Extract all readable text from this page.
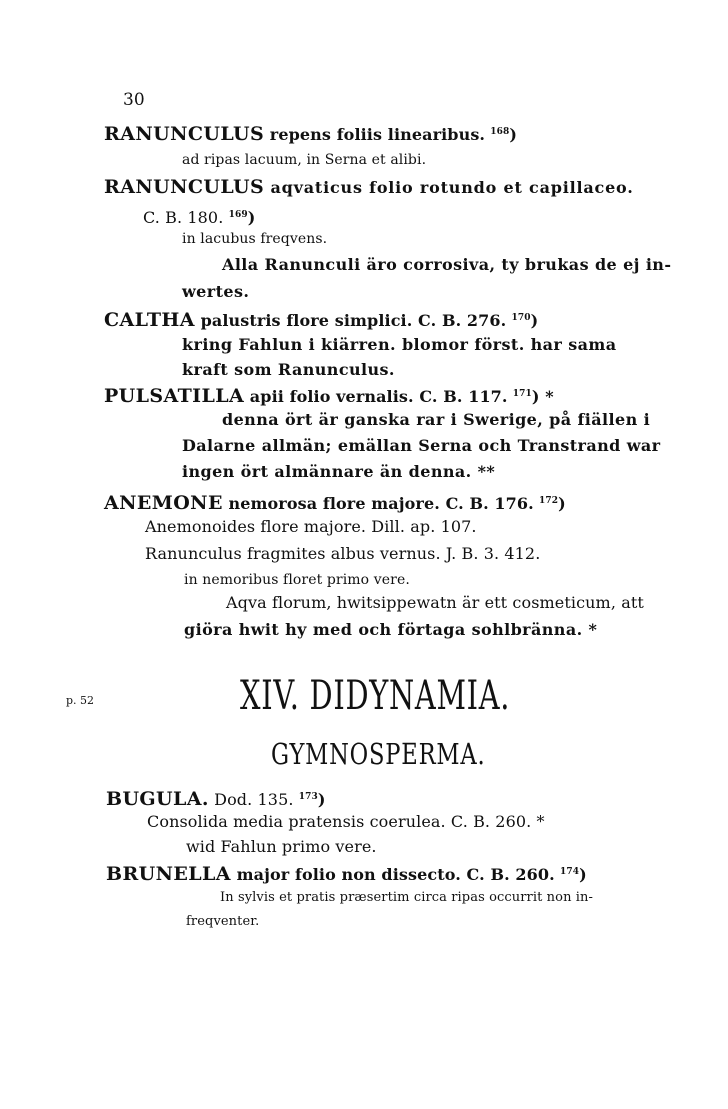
30
RANUNCULUS repens foliis linearibus. $^{168}$)
ad ripas lacuum, in Serna et alibi.
RANUNCULUS aqvaticus folio rotundo et capillaceo.
C. B. 180. $^{169}$)
in lacubus freqvens.
Alla Ranunculi äro corrosiva, ty brukas de ej in-
wertes.
CALTHA palustris flore simplici. C. B. 276. $^{170}$)
kring Fahlun i kiärren. blomor först. har sama
kraft som Ranunculus.
PULSATILLA apii folio vernalis. C. B. 117. $^{171}$) *
denna ört är ganska rar i Swerige, på fiällen i
Dalarne allmän; emällan Serna och Transtrand war
ingen ört almännare än denna. **
ANEMONE nemorosa flore majore. C. B. 176. $^{172}$)
Anemonoides flore majore. Dill. ap. 107.
Ranunculus fragmites albus vernus. J. B. 3. 412.
in nemoribus floret primo vere.
Aqva florum, hwitsippewatn är ett cosmeticum, att
giöra hwit hy med och förtaga sohlbränna. *
p. 52	XIV. DIDYNAMIA.
GYMNOSPERMA.
BUGULA. Dod. 135. $^{173}$)
Consolida media pratensis coerulea. C. B. 260. *
wid Fahlun primo vere.
BRUNELLA major folio non dissecto. C. B. 260. $^{174}$)
In sylvis et pratis præsertim circa ripas occurrit non in-
freqventer.
